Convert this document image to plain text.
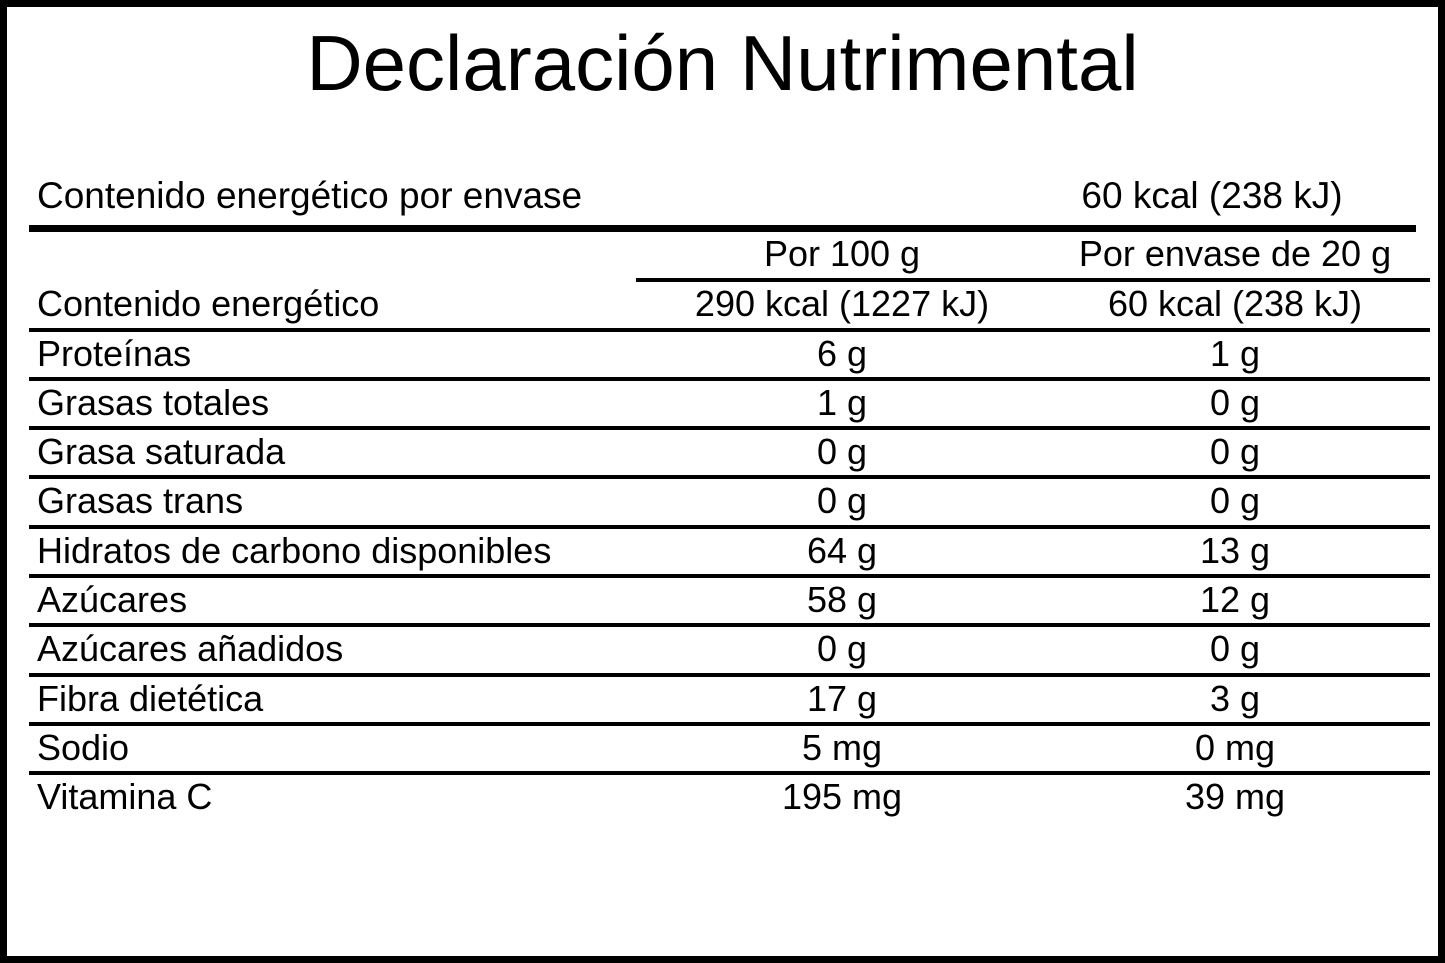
Declaración Nutrimental
Contenido energético por envase	60 kcal (238 kJ)
	Por 100 g	Por envase de 20 g
Contenido energético	290 kcal (1227 kJ)	60 kcal (238 kJ)
Proteínas	6 g	1 g
Grasas totales	1 g	0 g
Grasa saturada	0 g	0 g
Grasas trans	0 g	0 g
Hidratos de carbono disponibles	64 g	13 g
Azúcares	58 g	12 g
Azúcares añadidos	0 g	0 g
Fibra dietética	17 g	3 g
Sodio	5 mg	0 mg
Vitamina C	195 mg	39 mg
